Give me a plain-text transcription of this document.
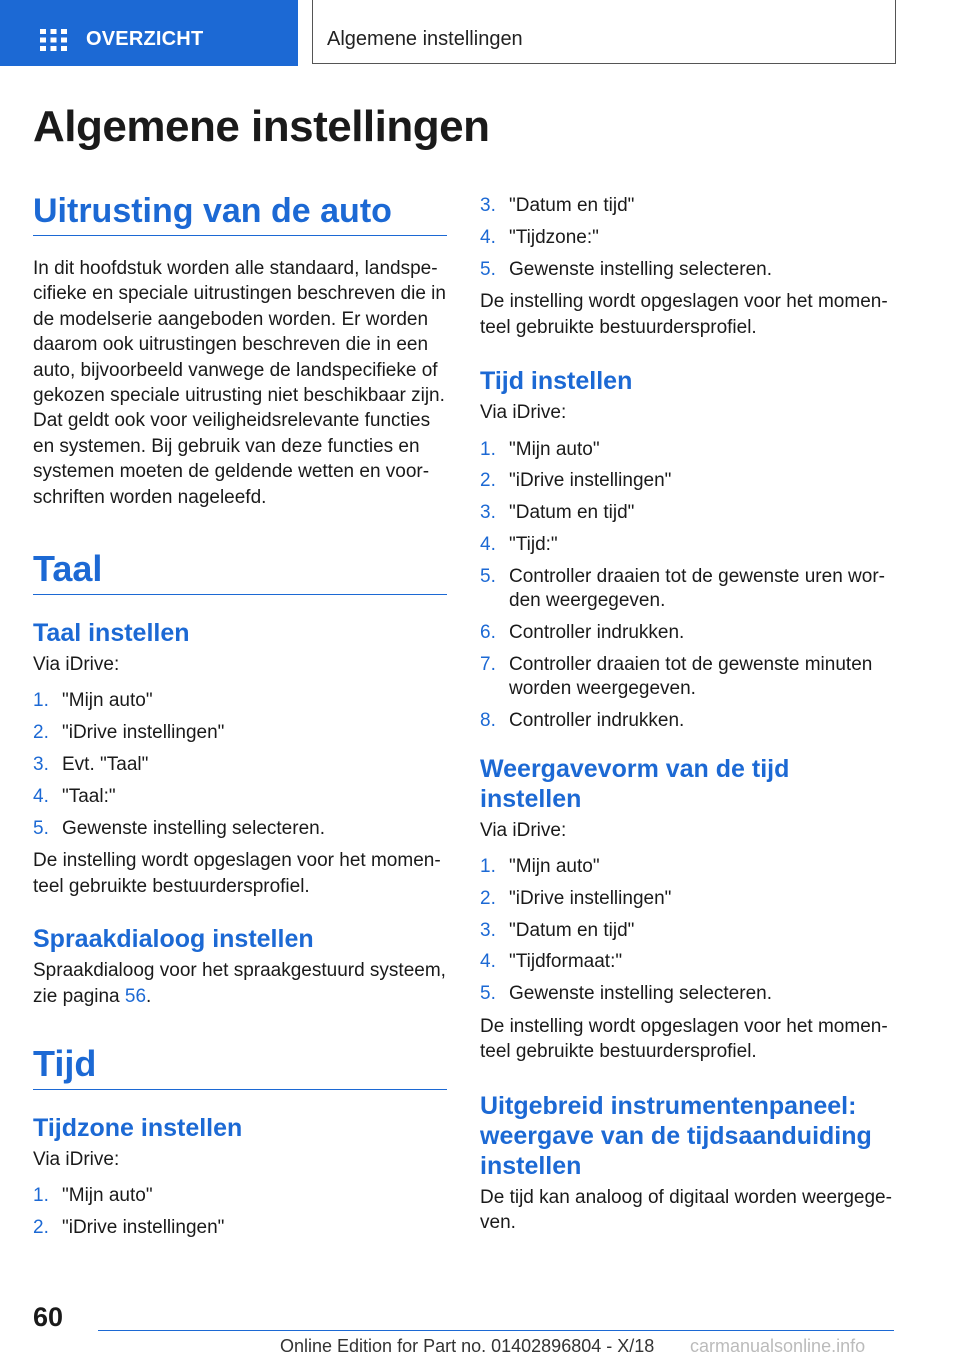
OVERZICHT	Algemene instellingen
Algemene instellingen
Uitrusting van de auto

In dit hoofdstuk worden alle standaard, landspecifieke en speciale uitrustingen beschreven die in de modelserie aangeboden worden. Er worden daarom ook uitrustingen beschreven die in een auto, bijvoorbeeld vanwege de landspecifieke of gekozen speciale uitrusting niet beschikbaar zijn. Dat geldt ook voor veiligheidsrelevante functies en systemen. Bij gebruik van deze functies en systemen moeten de geldende wetten en voorschriften worden nageleefd.

Taal
Taal instellen

Via iDrive:

1. "Mijn auto"
2. "iDrive instellingen"
3. Evt. "Taal"
4. "Taal:"
5. Gewenste instelling selecteren.

De instelling wordt opgeslagen voor het momenteel gebruikte bestuurdersprofiel.

Spraakdialoog instellen

Spraakdialoog voor het spraakgestuurd systeem, zie pagina 56.

Tijd
Tijdzone instellen

Via iDrive:

1. "Mijn auto"
2. "iDrive instellingen"
3. "Datum en tijd"
4. "Tijdzone:"
5. Gewenste instelling selecteren.

De instelling wordt opgeslagen voor het momenteel gebruikte bestuurdersprofiel.

Tijd instellen

Via iDrive:

1. "Mijn auto"
2. "iDrive instellingen"
3. "Datum en tijd"
4. "Tijd:"
5. Controller draaien tot de gewenste uren worden weergegeven.
6. Controller indrukken.
7. Controller draaien tot de gewenste minuten worden weergegeven.
8. Controller indrukken.
Weergavevorm van de tijd instellen

Via iDrive:

1. "Mijn auto"
2. "iDrive instellingen"
3. "Datum en tijd"
4. "Tijdformaat:"
5. Gewenste instelling selecteren.

De instelling wordt opgeslagen voor het momenteel gebruikte bestuurdersprofiel.

Uitgebreid instrumentenpaneel: weergave van de tijdsaanduiding instellen

De tijd kan analoog of digitaal worden weergegeven.

60
Online Edition for Part no. 01402896804 - X/18 carmanualsonline.info
